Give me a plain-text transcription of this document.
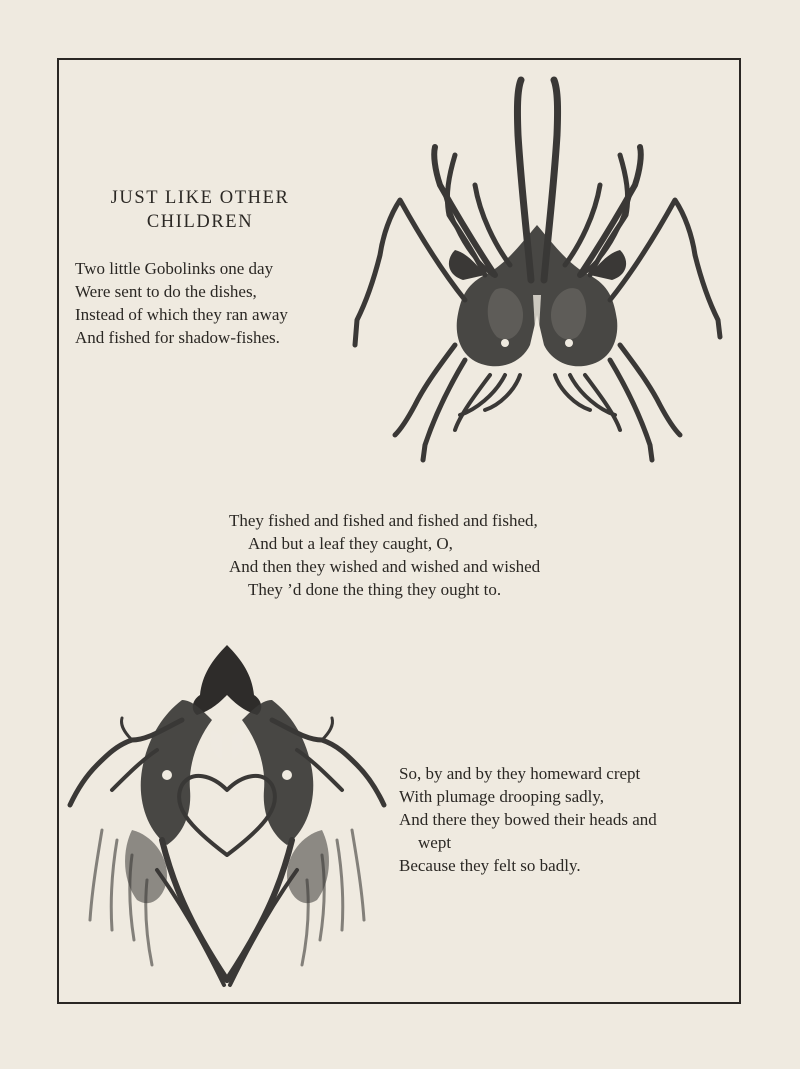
JUST LIKE OTHER
CHILDREN
Two little Gobolinks one day
Were sent to do the dishes,
Instead of which they ran away
And fished for shadow-fishes.
They fished and fished and fished and fished,
And but a leaf they caught, O,
And then they wished and wished and wished
They ’d done the thing they ought to.
So, by and by they homeward crept
With plumage drooping sadly,
And there they bowed their heads and
wept
Because they felt so badly.
